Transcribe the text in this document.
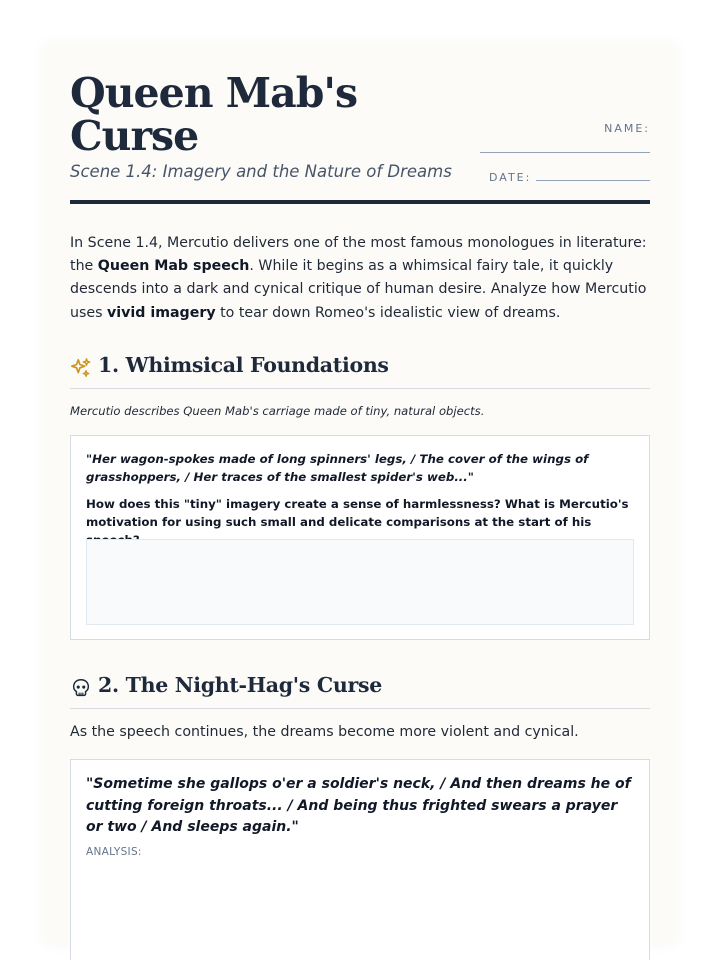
Queen Mab's Curse
Scene 1.4: Imagery and the Nature of Dreams
NAME:
DATE:

In Scene 1.4, Mercutio delivers one of the most famous monologues in literature: the Queen Mab speech. While it begins as a whimsical fairy tale, it quickly descends into a dark and cynical critique of human desire. Analyze how Mercutio uses vivid imagery to tear down Romeo's idealistic view of dreams.

1. Whimsical Foundations
Mercutio describes Queen Mab's carriage made of tiny, natural objects.
"Her wagon-spokes made of long spinners' legs, / The cover of the wings of grasshoppers, / Her traces of the smallest spider's web..."
How does this "tiny" imagery create a sense of harmlessness? What is Mercutio's motivation for using such small and delicate comparisons at the start of his
2. The Night-Hag's Curse
As the speech continues, the dreams become more violent and cynical.
"Sometime she gallops o'er a soldier's neck, / And then dreams he of cutting foreign throats... / And being thus frighted swears a prayer or two / And sleeps again."
ANALYSIS:
